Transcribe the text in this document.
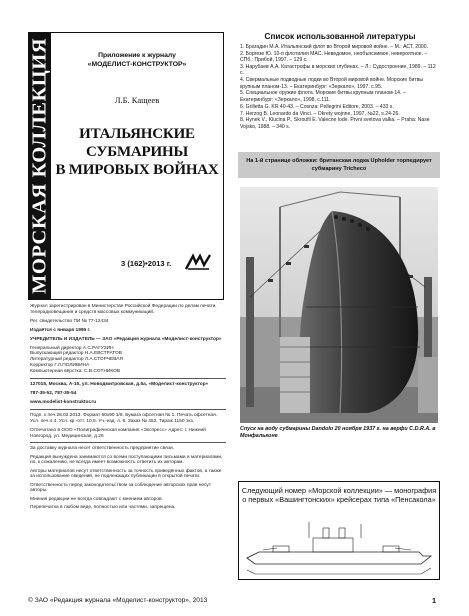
МОРСКАЯ КОЛЛЕКЦИЯ	Приложение к журналу
«МОДЕЛИСТ-КОНСТРУКТОР»
Л.Б. Кащеев
ИТАЛЬЯНСКИЕ
СУБМАРИНЫ
В МИРОВЫХ ВОЙНАХ
3 (162)•2013 г.

Журнал зарегистрирован в Министерстве Российской Федерации по делам печати, телерадиовещания и средств массовых коммуникаций.

Рег. свидетельство ПИ № 77-12434

Издаётся с января 1995 г.

УЧРЕДИТЕЛЬ И ИЗДАТЕЛЬ — ЗАО «Редакция журнала «Моделист-конструктор»

Генеральный директор А.С.РАГУЗИН
Выпускающий редактор Н.А.ЕВСТРАТОВ
Литературный редактор Л.А.СТОРЧЕВАЯ
Корректор Г.Л.ПОЛИВИНА
Компьютерная вёрстка: С.В.СОТНИКОВ

127015, Москва, А-15, ул. Новодмитровская, д.5а, «Моделист-конструктор»

787-35-52, 787-35-54

www.modelist-konstruktor.ru

Подп. к печ.28.02.2013. Формат 60х90 1/8. Бумага офсетная № 1. Печать офсетная. Усл. печ.л.4. Усл. кр.-отт. 10,5. Уч.-изд. л. 6. Заказ № 452. Тираж 1150 экз.

Отпечатано в ООО «Полиграфическая компания «Экспресс» Адрес: г. Нижний Новгород, ул. Медицинская, д.26

За доставку журнала несет ответственность предприятие связи.

Редакция вынуждена занимаются со всеми поступающими письмами и материалами, но, к сожалению, не всегда имеет возможность ответить их авторам.

Авторы материалов несут ответственность за точность приведённых фактов, а также за использование сведений, не подлежащих публикации в открытой печати.

Ответственность перед законодательством за соблюдение авторских прав несут авторы.

Мнения редакции не всегда совпадают с мнением авторов.

Перепечатка в любом виде, полностью или частями, запрещена.

Список использованной литературы

1. Брагадин М.А. Итальянский флот во Второй мировой войне. – М.: АСТ, 2000.

2. Боргезе Ю. 10-я флотилия МАС. Неведомое, необъяснимое, невероятное. – СПб.: Прибой, 1997. – 129 с.

3. Нарубаев А.А. Катастрофы в морских глубинах. – Л.: Судостроение, 1989. – 112 с.

4. Свермальные подводные лодки во Второй мировой войне. Морские битвы крупным планом-13. – Екатеринбург: «Зеркало», 1997. с.95.

5. Специальное оружие флота. Морские битвы крупным планом-14. – Екатеринбург: «Зеркало», 1998, с.111.

6. Grilletta G. KR 40-43. – Cosnza: Pellegrini Editore, 2003. – 433 s.

7. Herzog B. Leonardo da Vinci. – Okrety wojnne, 1997, №22, s.24-26.

8. Hynek V., Klucina P., Skroufil E. Valecne lode. Prvni svetova valka. – Praha: Nase Vojsko, 1988. – 340 s.

На 1-й странице обложки: британская лодка Upholder торпедирует субмарину Tricheco
Спуск на воду субмарины Dandolo 20 ноября 1937 г. на верфи C.D.R.A. в Монфальконе
Следующий номер «Морской коллекции» — монография о первых «Вашингтонских» крейсерах типа «Пенсакола»
© ЗАО «Редакция журнала «Моделист-конструктор», 2013	1
